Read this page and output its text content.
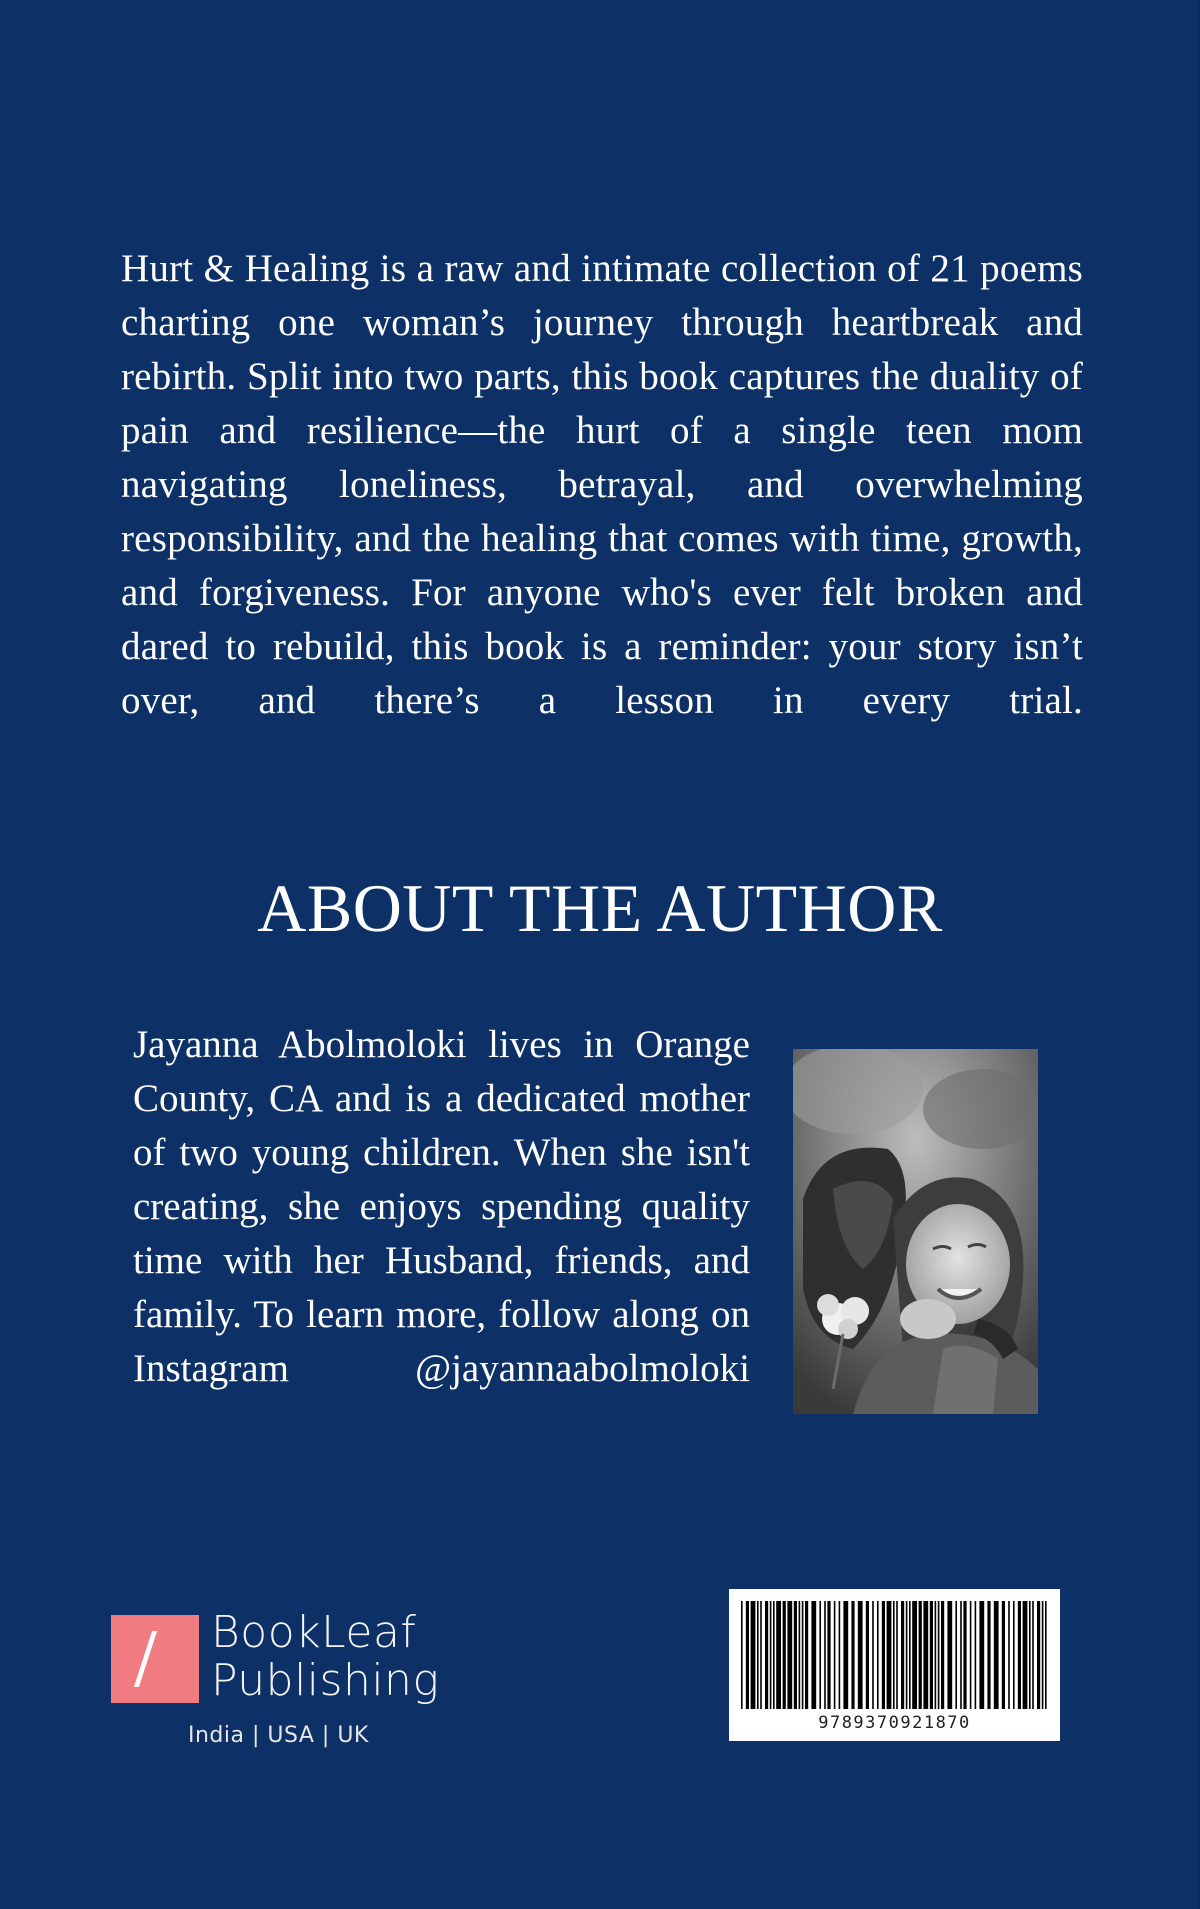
Hurt & Healing is a raw and intimate collection of 21 poems charting one woman’s journey through heartbreak and rebirth. Split into two parts, this book captures the duality of pain and resilience—the hurt of a single teen mom navigating loneliness, betrayal, and overwhelming responsibility, and the healing that comes with time, growth, and forgiveness. For anyone who's ever felt broken and dared to rebuild, this book is a reminder: your story isn’t over, and there’s a lesson in every trial.

ABOUT THE AUTHOR

Jayanna Abolmoloki lives in Orange County, CA and is a dedicated mother of two young children. When she isn't creating, she enjoys spending quality time with her Husband, friends, and family. To learn more, follow along on Instagram @jayannaabolmoloki

BookLeaf
Publishing
India | USA | UK	9789370921870
